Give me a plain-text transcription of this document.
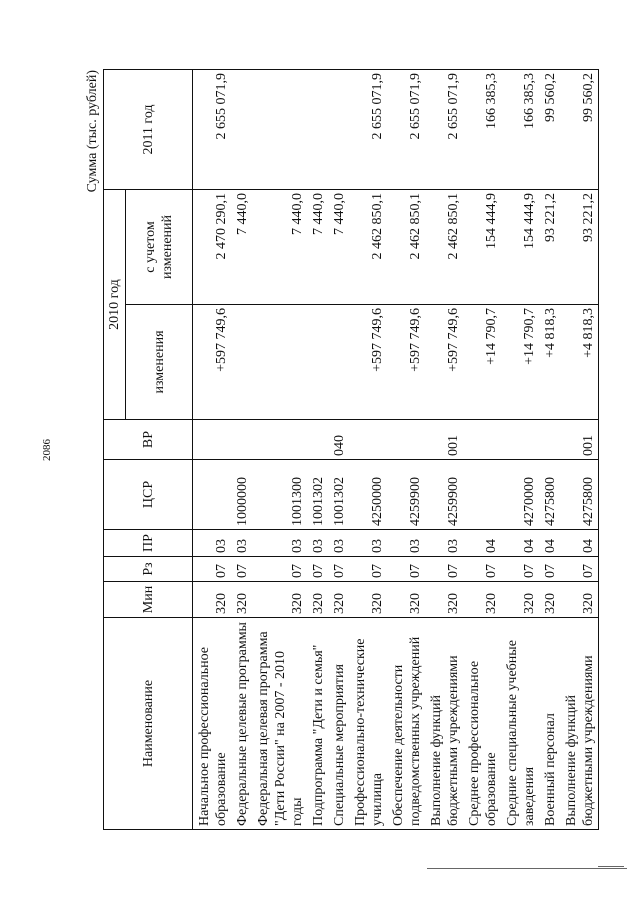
2086
Сумма (тыс. рублей)
Наименование	Мин	Рз	ПР	ЦСР	ВР	2010 год		2011 год
						изменения	с учетом изменений	
Начальное профессиональное образование	320	07	03			+597 749,6	2 470 290,1	2 655 071,9
Федеральные целевые программы	320	07	03	1000000			7 440,0	
Федеральная целевая программа "Дети России" на 2007 - 2010 годы	320	07	03	1001300			7 440,0	
Подпрограмма "Дети и семья"	320	07	03	1001302			7 440,0	
Специальные мероприятия	320	07	03	1001302	040		7 440,0	
Профессионально-технические училища	320	07	03	4250000		+597 749,6	2 462 850,1	2 655 071,9
Обеспечение деятельности подведомственных учреждений	320	07	03	4259900		+597 749,6	2 462 850,1	2 655 071,9
Выполнение функций бюджетными учреждениями	320	07	03	4259900	001	+597 749,6	2 462 850,1	2 655 071,9
Среднее профессиональное образование	320	07	04			+14 790,7	154 444,9	166 385,3
Средние специальные учебные заведения	320	07	04	4270000		+14 790,7	154 444,9	166 385,3
Военный персонал	320	07	04	4275800		+4 818,3	93 221,2	99 560,2
Выполнение функций бюджетными учреждениями	320	07	04	4275800	001	+4 818,3	93 221,2	99 560,2
